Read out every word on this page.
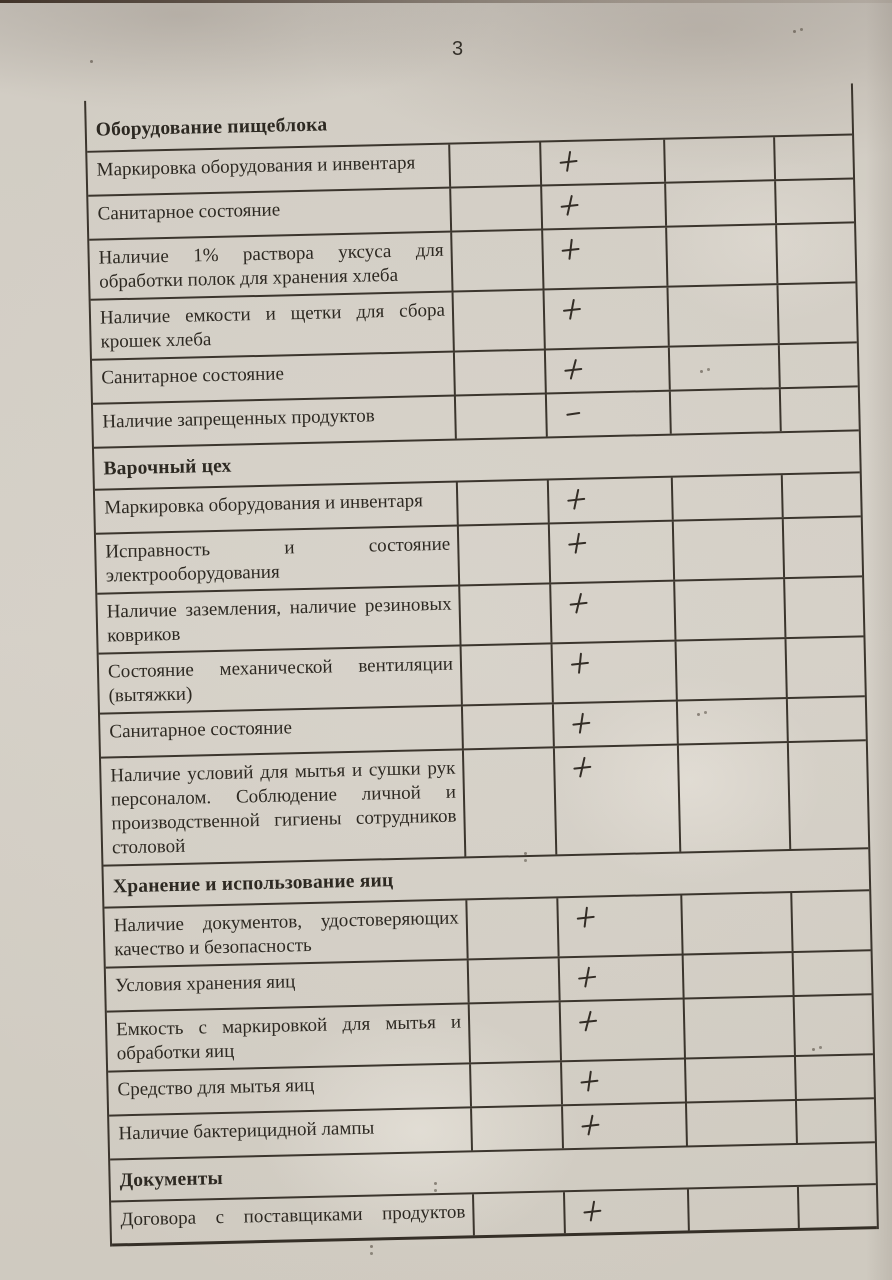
3
Оборудование пищеблока
Маркировка оборудования и инвентаря
Санитарное состояние
Наличие 1% раствора уксуса для обработки полок для хранения хлеба
Наличие емкости и щетки для сбора крошек хлеба
Санитарное состояние
Наличие запрещенных продуктов
Варочный цех
Маркировка оборудования и инвентаря
Исправность и состояние электрооборудования
Наличие заземления, наличие резиновых ковриков
Состояние механической вентиляции (вытяжки)
Санитарное состояние
Наличие условий для мытья и сушки рук персоналом. Соблюдение личной и производственной гигиены сотрудников столовой
Хранение и использование яиц
Наличие документов, удостоверяющих качество и безопасность
Условия хранения яиц
Емкость с маркировкой для мытья и обработки яиц
Средство для мытья яиц
Наличие бактерицидной лампы
Документы
Договора с поставщиками продуктов
